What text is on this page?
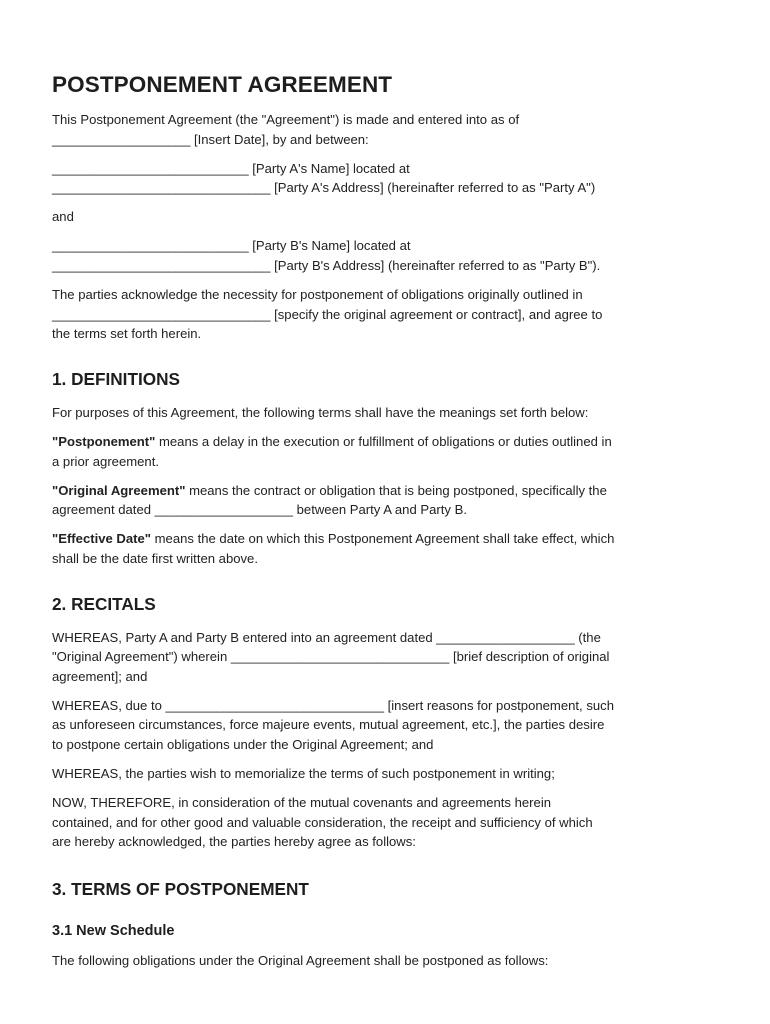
POSTPONEMENT AGREEMENT

This Postponement Agreement (the "Agreement") is made and entered into as of
___________________ [Insert Date], by and between:

___________________________ [Party A's Name] located at
______________________________ [Party A's Address] (hereinafter referred to as "Party A")

and

___________________________ [Party B's Name] located at
______________________________ [Party B's Address] (hereinafter referred to as "Party B").

The parties acknowledge the necessity for postponement of obligations originally outlined in
______________________________ [specify the original agreement or contract], and agree to
the terms set forth herein.

1. DEFINITIONS

For purposes of this Agreement, the following terms shall have the meanings set forth below:

"Postponement" means a delay in the execution or fulfillment of obligations or duties outlined in
a prior agreement.

"Original Agreement" means the contract or obligation that is being postponed, specifically the
agreement dated ___________________ between Party A and Party B.

"Effective Date" means the date on which this Postponement Agreement shall take effect, which
shall be the date first written above.

2. RECITALS

WHEREAS, Party A and Party B entered into an agreement dated ___________________ (the
"Original Agreement") wherein ______________________________ [brief description of original
agreement]; and

WHEREAS, due to ______________________________ [insert reasons for postponement, such
as unforeseen circumstances, force majeure events, mutual agreement, etc.], the parties desire
to postpone certain obligations under the Original Agreement; and

WHEREAS, the parties wish to memorialize the terms of such postponement in writing;

NOW, THEREFORE, in consideration of the mutual covenants and agreements herein
contained, and for other good and valuable consideration, the receipt and sufficiency of which
are hereby acknowledged, the parties hereby agree as follows:

3. TERMS OF POSTPONEMENT
3.1 New Schedule

The following obligations under the Original Agreement shall be postponed as follows:
